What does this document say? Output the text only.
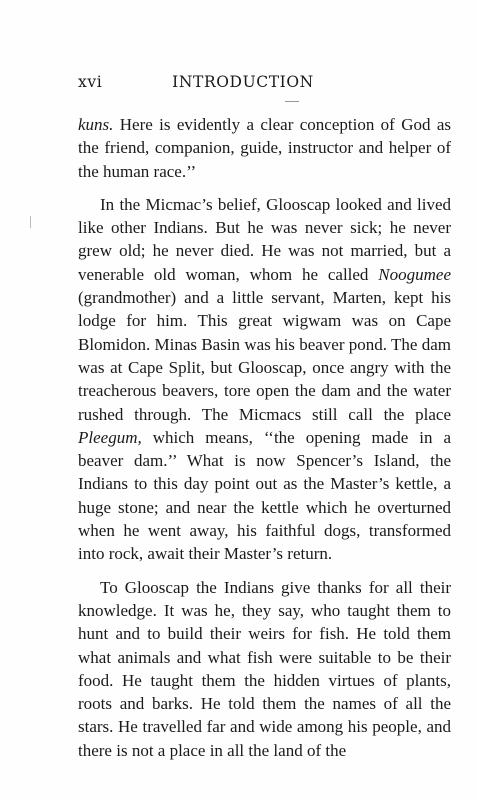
xvi	INTRODUCTION

kuns. Here is evidently a clear conception of God as the friend, companion, guide, instructor and helper of the human race.’’

In the Micmac’s belief, Glooscap looked and lived like other Indians. But he was never sick; he never grew old; he never died. He was not married, but a venerable old woman, whom he called Noogumee (grandmother) and a little servant, Marten, kept his lodge for him. This great wigwam was on Cape Blomidon. Minas Basin was his beaver pond. The dam was at Cape Split, but Glooscap, once angry with the treacherous beavers, tore open the dam and the water rushed through. The Micmacs still call the place Pleegum, which means, ‘‘the opening made in a beaver dam.’’ What is now Spencer’s Island, the Indians to this day point out as the Master’s kettle, a huge stone; and near the kettle which he overturned when he went away, his faithful dogs, transformed into rock, await their Master’s return.

To Glooscap the Indians give thanks for all their knowledge. It was he, they say, who taught them to hunt and to build their weirs for fish. He told them what animals and what fish were suitable to be their food. He taught them the hidden virtues of plants, roots and barks. He told them the names of all the stars. He travelled far and wide among his people, and there is not a place in all the land of the
